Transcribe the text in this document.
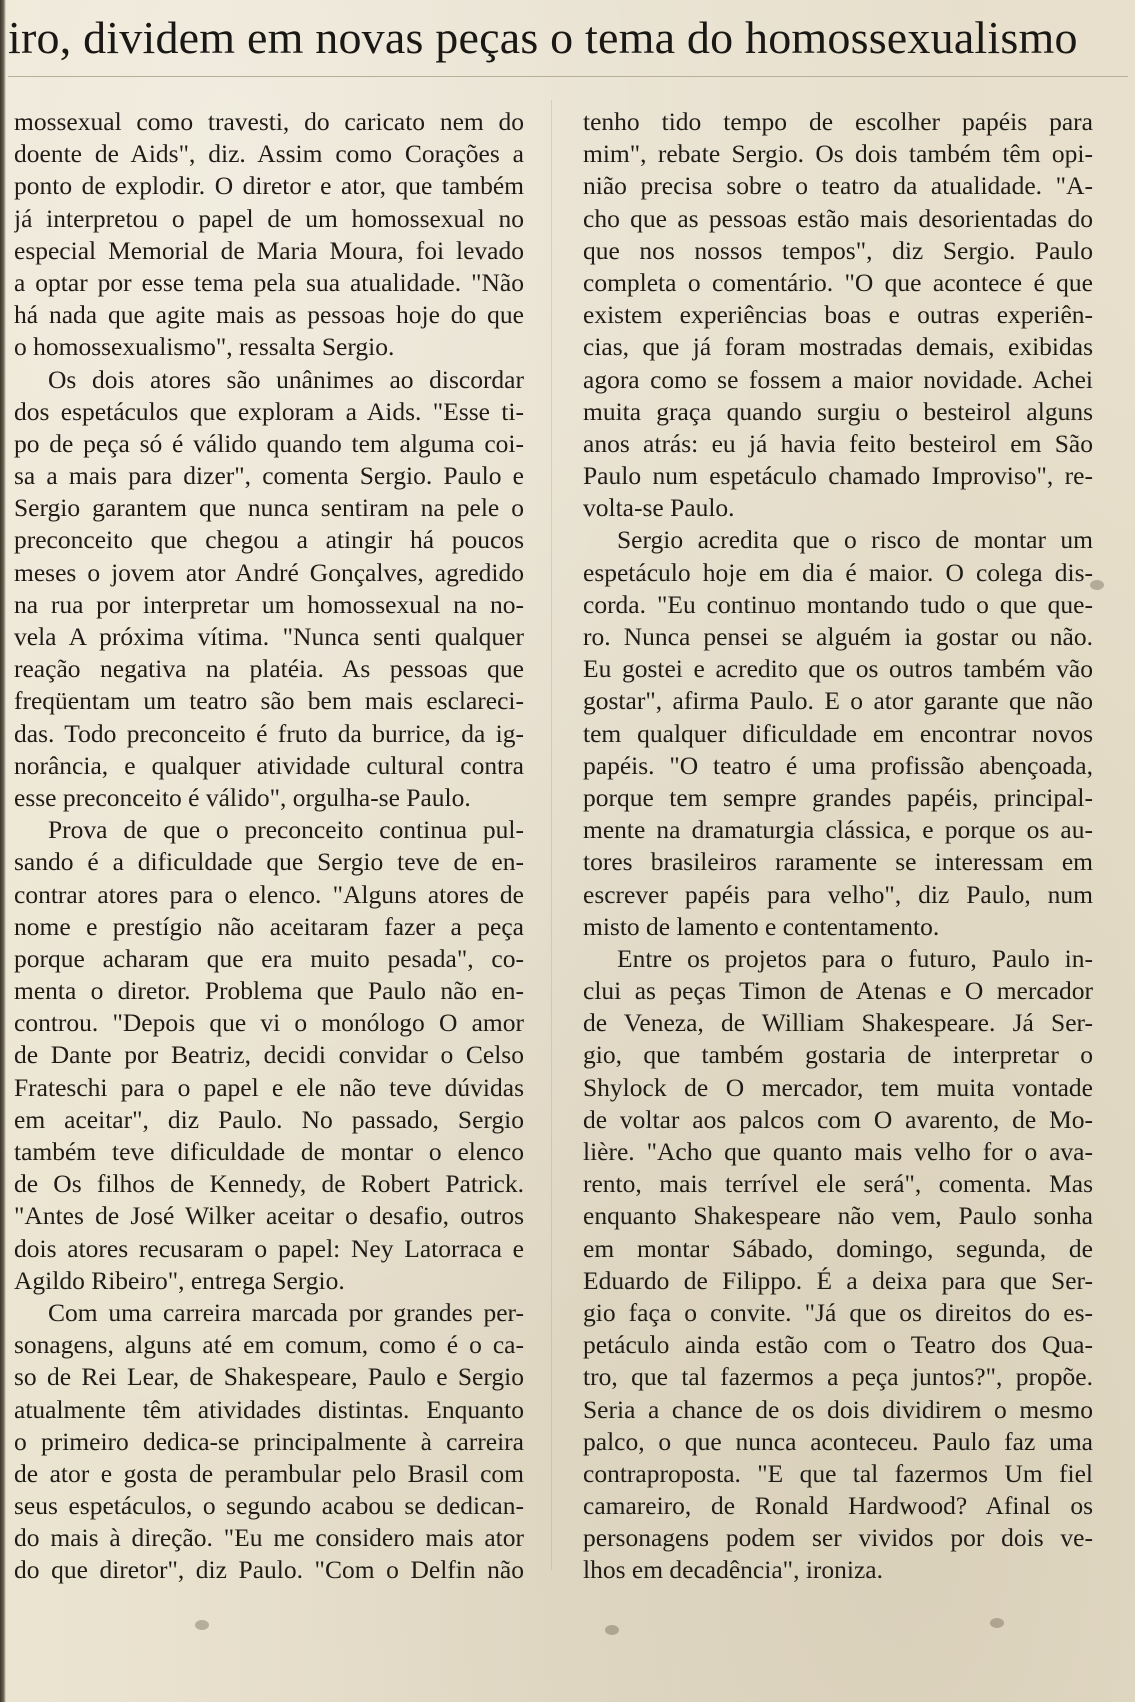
iro, dividem em novas peças o tema do homossexualismo
mossexual como travesti, do caricato nem do
doente de Aids", diz. Assim como Corações a
ponto de explodir. O diretor e ator, que também
já interpretou o papel de um homossexual no
especial Memorial de Maria Moura, foi levado
a optar por esse tema pela sua atualidade. "Não
há nada que agite mais as pessoas hoje do que
o homossexualismo", ressalta Sergio.
Os dois atores são unânimes ao discordar
dos espetáculos que exploram a Aids. "Esse ti-
po de peça só é válido quando tem alguma coi-
sa a mais para dizer", comenta Sergio. Paulo e
Sergio garantem que nunca sentiram na pele o
preconceito que chegou a atingir há poucos
meses o jovem ator André Gonçalves, agredido
na rua por interpretar um homossexual na no-
vela A próxima vítima. "Nunca senti qualquer
reação negativa na platéia. As pessoas que
freqüentam um teatro são bem mais esclareci-
das. Todo preconceito é fruto da burrice, da ig-
norância, e qualquer atividade cultural contra
esse preconceito é válido", orgulha-se Paulo.
Prova de que o preconceito continua pul-
sando é a dificuldade que Sergio teve de en-
contrar atores para o elenco. "Alguns atores de
nome e prestígio não aceitaram fazer a peça
porque acharam que era muito pesada", co-
menta o diretor. Problema que Paulo não en-
controu. "Depois que vi o monólogo O amor
de Dante por Beatriz, decidi convidar o Celso
Frateschi para o papel e ele não teve dúvidas
em aceitar", diz Paulo. No passado, Sergio
também teve dificuldade de montar o elenco
de Os filhos de Kennedy, de Robert Patrick.
"Antes de José Wilker aceitar o desafio, outros
dois atores recusaram o papel: Ney Latorraca e
Agildo Ribeiro", entrega Sergio.
Com uma carreira marcada por grandes per-
sonagens, alguns até em comum, como é o ca-
so de Rei Lear, de Shakespeare, Paulo e Sergio
atualmente têm atividades distintas. Enquanto
o primeiro dedica-se principalmente à carreira
de ator e gosta de perambular pelo Brasil com
seus espetáculos, o segundo acabou se dedican-
do mais à direção. "Eu me considero mais ator
do que diretor", diz Paulo. "Com o Delfin não
tenho tido tempo de escolher papéis para
mim", rebate Sergio. Os dois também têm opi-
nião precisa sobre o teatro da atualidade. "A-
cho que as pessoas estão mais desorientadas do
que nos nossos tempos", diz Sergio. Paulo
completa o comentário. "O que acontece é que
existem experiências boas e outras experiên-
cias, que já foram mostradas demais, exibidas
agora como se fossem a maior novidade. Achei
muita graça quando surgiu o besteirol alguns
anos atrás: eu já havia feito besteirol em São
Paulo num espetáculo chamado Improviso", re-
volta-se Paulo.
Sergio acredita que o risco de montar um
espetáculo hoje em dia é maior. O colega dis-
corda. "Eu continuo montando tudo o que que-
ro. Nunca pensei se alguém ia gostar ou não.
Eu gostei e acredito que os outros também vão
gostar", afirma Paulo. E o ator garante que não
tem qualquer dificuldade em encontrar novos
papéis. "O teatro é uma profissão abençoada,
porque tem sempre grandes papéis, principal-
mente na dramaturgia clássica, e porque os au-
tores brasileiros raramente se interessam em
escrever papéis para velho", diz Paulo, num
misto de lamento e contentamento.
Entre os projetos para o futuro, Paulo in-
clui as peças Timon de Atenas e O mercador
de Veneza, de William Shakespeare. Já Ser-
gio, que também gostaria de interpretar o
Shylock de O mercador, tem muita vontade
de voltar aos palcos com O avarento, de Mo-
lière. "Acho que quanto mais velho for o ava-
rento, mais terrível ele será", comenta. Mas
enquanto Shakespeare não vem, Paulo sonha
em montar Sábado, domingo, segunda, de
Eduardo de Filippo. É a deixa para que Ser-
gio faça o convite. "Já que os direitos do es-
petáculo ainda estão com o Teatro dos Qua-
tro, que tal fazermos a peça juntos?", propõe.
Seria a chance de os dois dividirem o mesmo
palco, o que nunca aconteceu. Paulo faz uma
contraproposta. "E que tal fazermos Um fiel
camareiro, de Ronald Hardwood? Afinal os
personagens podem ser vividos por dois ve-
lhos em decadência", ironiza.
